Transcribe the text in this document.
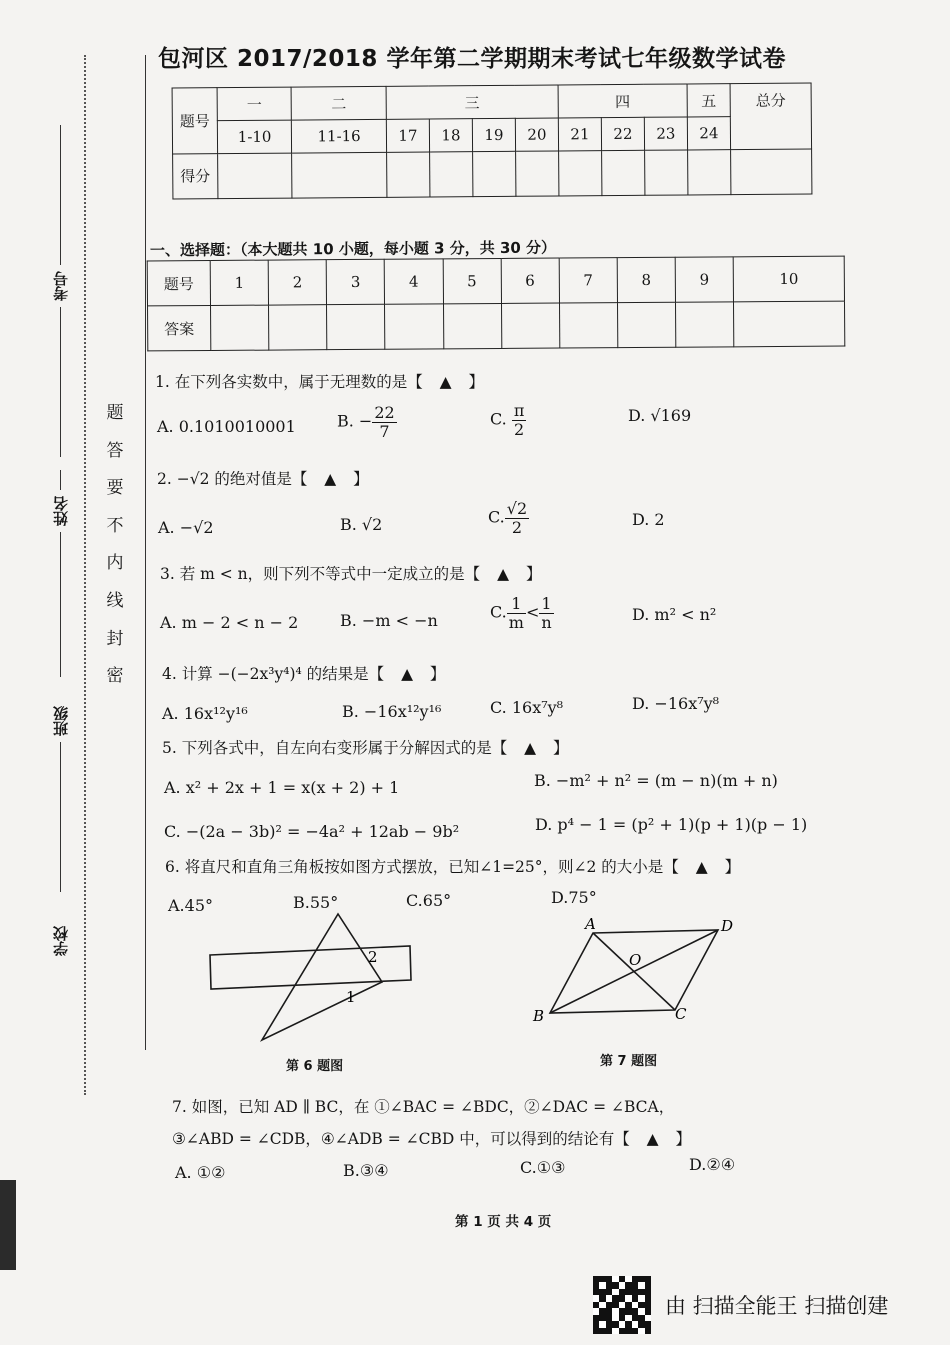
考号
姓名
班级
学校
题
答
要
不
内
线
封
密
包河区 2017/2018 学年第二学期期末考试七年级数学试卷
题号	一	二	三				四			五	总分
	1-10	11-16	17	18	19	20	21	22	23	24	
得分											
一、选择题：（本大题共 10 小题，每小题 3 分，共 30 分）
题号	1	2	3	4	5	6	7	8	9	10
答案										
1. 在下列各实数中，属于无理数的是【 ▲ 】
A. 0.1010010001	B. − $\frac{22}{7}$	C. $\frac{\pi}{2}$	D. √169
2. −√2 的绝对值是【 ▲ 】
A. −√2	B. √2	C. $\frac{√2}{2}$	D. 2
3. 若 m < n，则下列不等式中一定成立的是【 ▲ 】
A. m − 2 < n − 2	B. −m < −n	C. $\frac{1}{m} < \frac{1}{n}$	D. m² < n²
4. 计算 −(−2x³y⁴)⁴ 的结果是【 ▲ 】
A. 16x¹²y¹⁶	B. −16x¹²y¹⁶	C. 16x⁷y⁸	D. −16x⁷y⁸
5. 下列各式中，自左向右变形属于分解因式的是【 ▲ 】
A. x² + 2x + 1 = x(x + 2) + 1	B. −m² + n² = (m − n)(m + n)
C. −(2a − 3b)² = −4a² + 12ab − 9b²	D. p⁴ − 1 = (p² + 1)(p + 1)(p − 1)
6. 将直尺和直角三角板按如图方式摆放，已知∠1=25°，则∠2 的大小是【 ▲ 】
A.45°	B.55°	C.65°	D.75°
2
1
第 6 题图
A	D
B	C
O
第 7 题图
7. 如图，已知 AD ∥ BC，在 ①∠BAC = ∠BDC，②∠DAC = ∠BCA，
③∠ABD = ∠CDB，④∠ADB = ∠CBD 中，可以得到的结论有【 ▲ 】
A. ①②	B.③④	C.①③	D.②④
第 1 页 共 4 页
由 扫描全能王 扫描创建
